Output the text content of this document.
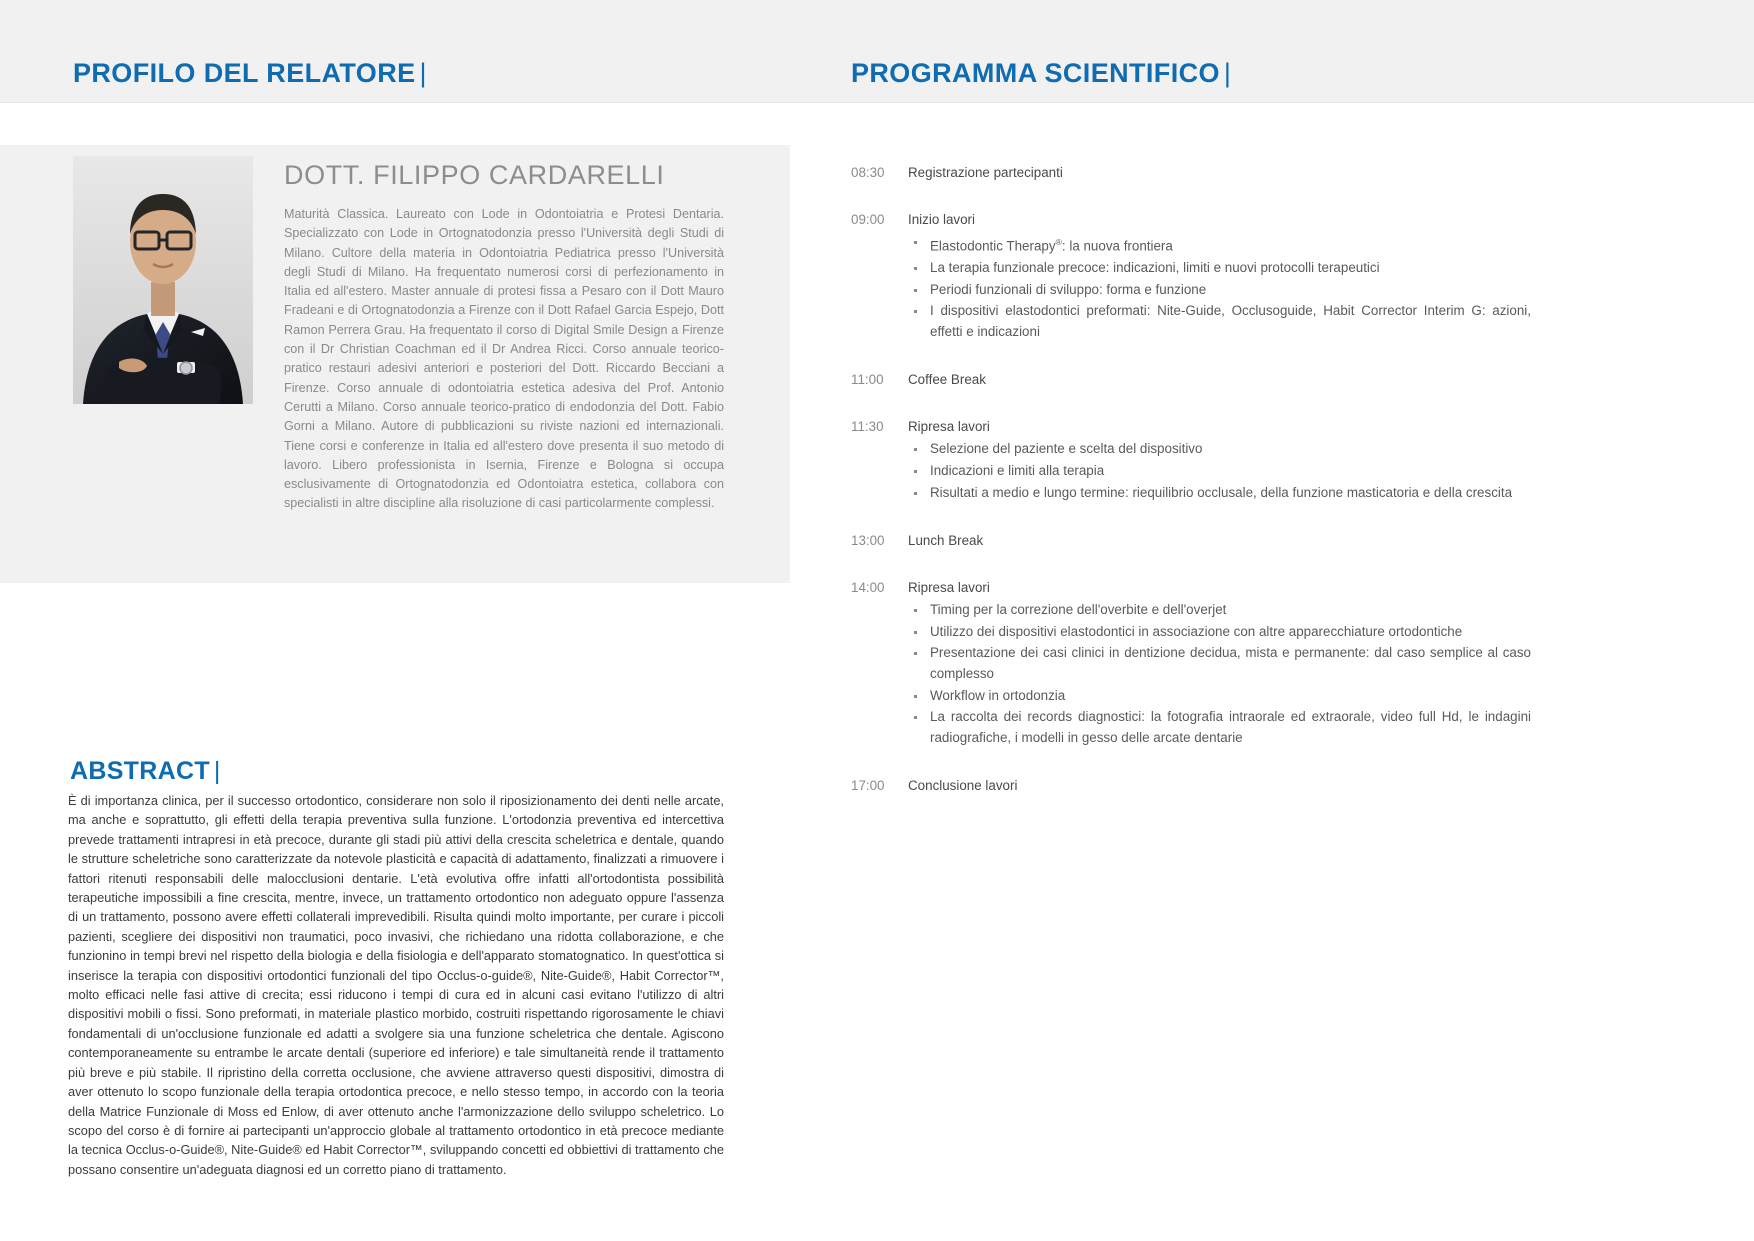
PROFILO DEL RELATORE |	PROGRAMMA SCIENTIFICO |
DOTT. FILIPPO CARDARELLI
Maturità Classica. Laureato con Lode in Odontoiatria e Protesi Dentaria. Specializzato con Lode in Ortognatodonzia presso l'Università degli Studi di Milano. Cultore della materia in Odontoiatria Pediatrica presso l'Università degli Studi di Milano. Ha frequentato numerosi corsi di perfezionamento in Italia ed all'estero. Master annuale di protesi fissa a Pesaro con il Dott Mauro Fradeani e di Ortognatodonzia a Firenze con il Dott Rafael Garcia Espejo, Dott Ramon Perrera Grau. Ha frequentato il corso di Digital Smile Design a Firenze con il Dr Christian Coachman ed il Dr Andrea Ricci. Corso annuale teorico-pratico restauri adesivi anteriori e posteriori del Dott. Riccardo Becciani a Firenze. Corso annuale di odontoiatria estetica adesiva del Prof. Antonio Cerutti a Milano. Corso annuale teorico-pratico di endodonzia del Dott. Fabio Gorni a Milano. Autore di pubblicazioni su riviste nazioni ed internazionali. Tiene corsi e conferenze in Italia ed all'estero dove presenta il suo metodo di lavoro. Libero professionista in Isernia, Firenze e Bologna si occupa esclusivamente di Ortognatodonzia ed Odontoiatra estetica, collabora con specialisti in altre discipline alla risoluzione di casi particolarmente complessi.
ABSTRACT |
È di importanza clinica, per il successo ortodontico, considerare non solo il riposizionamento dei denti nelle arcate, ma anche e soprattutto, gli effetti della terapia preventiva sulla funzione. L'ortodonzia preventiva ed intercettiva prevede trattamenti intrapresi in età precoce, durante gli stadi più attivi della crescita scheletrica e dentale, quando le strutture scheletriche sono caratterizzate da notevole plasticità e capacità di adattamento, finalizzati a rimuovere i fattori ritenuti responsabili delle malocclusioni dentarie. L'età evolutiva offre infatti all'ortodontista possibilità terapeutiche impossibili a fine crescita, mentre, invece, un trattamento ortodontico non adeguato oppure l'assenza di un trattamento, possono avere effetti collaterali imprevedibili. Risulta quindi molto importante, per curare i piccoli pazienti, scegliere dei dispositivi non traumatici, poco invasivi, che richiedano una ridotta collaborazione, e che funzionino in tempi brevi nel rispetto della biologia e della fisiologia e dell'apparato stomatognatico. In quest'ottica si inserisce la terapia con dispositivi ortodontici funzionali del tipo Occlus-o-guide®, Nite-Guide®, Habit Corrector™, molto efficaci nelle fasi attive di crecita; essi riducono i tempi di cura ed in alcuni casi evitano l'utilizzo di altri dispositivi mobili o fissi. Sono preformati, in materiale plastico morbido, costruiti rispettando rigorosamente le chiavi fondamentali di un'occlusione funzionale ed adatti a svolgere sia una funzione scheletrica che dentale. Agiscono contemporaneamente su entrambe le arcate dentali (superiore ed inferiore) e tale simultaneità rende il trattamento più breve e più stabile. Il ripristino della corretta occlusione, che avviene attraverso questi dispositivi, dimostra di aver ottenuto lo scopo funzionale della terapia ortodontica precoce, e nello stesso tempo, in accordo con la teoria della Matrice Funzionale di Moss ed Enlow, di aver ottenuto anche l'armonizzazione dello sviluppo scheletrico. Lo scopo del corso è di fornire ai partecipanti un'approccio globale al trattamento ortodontico in età precoce mediante la tecnica Occlus-o-Guide®, Nite-Guide® ed Habit Corrector™, sviluppando concetti ed obbiettivi di trattamento che possano consentire un'adeguata diagnosi ed un corretto piano di trattamento.
08:30	Registrazione partecipanti
09:00	Inizio lavori
Elastodontic Therapy®: la nuova frontiera
La terapia funzionale precoce: indicazioni, limiti e nuovi protocolli terapeutici
Periodi funzionali di sviluppo: forma e funzione
I dispositivi elastodontici preformati: Nite-Guide, Occlusoguide, Habit Corrector Interim G: azioni, effetti e indicazioni
11:00	Coffee Break
11:30	Ripresa lavori
Selezione del paziente e scelta del dispositivo
Indicazioni e limiti alla terapia
Risultati a medio e lungo termine: riequilibrio occlusale, della funzione masticatoria e della crescita
13:00	Lunch Break
14:00	Ripresa lavori
Timing per la correzione dell'overbite e dell'overjet
Utilizzo dei dispositivi elastodontici in associazione con altre apparecchiature ortodontiche
Presentazione dei casi clinici in dentizione decidua, mista e permanente: dal caso semplice al caso complesso
Workflow in ortodonzia
La raccolta dei records diagnostici: la fotografia intraorale ed extraorale, video full Hd, le indagini radiografiche, i modelli in gesso delle arcate dentarie
17:00	Conclusione lavori
